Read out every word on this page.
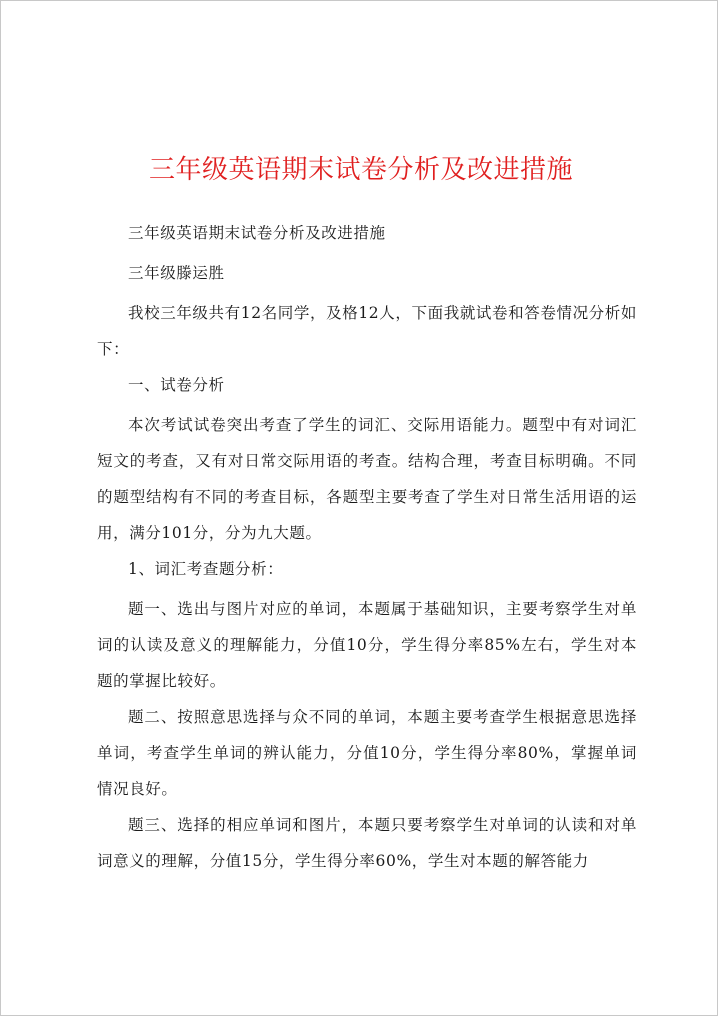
三年级英语期末试卷分析及改进措施

三年级英语期末试卷分析及改进措施

三年级滕运胜

我校三年级共有12名同学，及格12人，下面我就试卷和答卷情况分析如下：

一、试卷分析

本次考试试卷突出考查了学生的词汇、交际用语能力。题型中有对词汇短文的考查，又有对日常交际用语的考查。结构合理，考查目标明确。不同的题型结构有不同的考查目标，各题型主要考查了学生对日常生活用语的运用，满分101分，分为九大题。

1、词汇考查题分析：

题一、选出与图片对应的单词，本题属于基础知识，主要考察学生对单词的认读及意义的理解能力，分值10分，学生得分率85%左右，学生对本题的掌握比较好。

题二、按照意思选择与众不同的单词，本题主要考查学生根据意思选择单词，考查学生单词的辨认能力，分值10分，学生得分率80%，掌握单词情况良好。

题三、选择的相应单词和图片，本题只要考察学生对单词的认读和对单词意义的理解，分值15分，学生得分率60%，学生对本题的解答能力
